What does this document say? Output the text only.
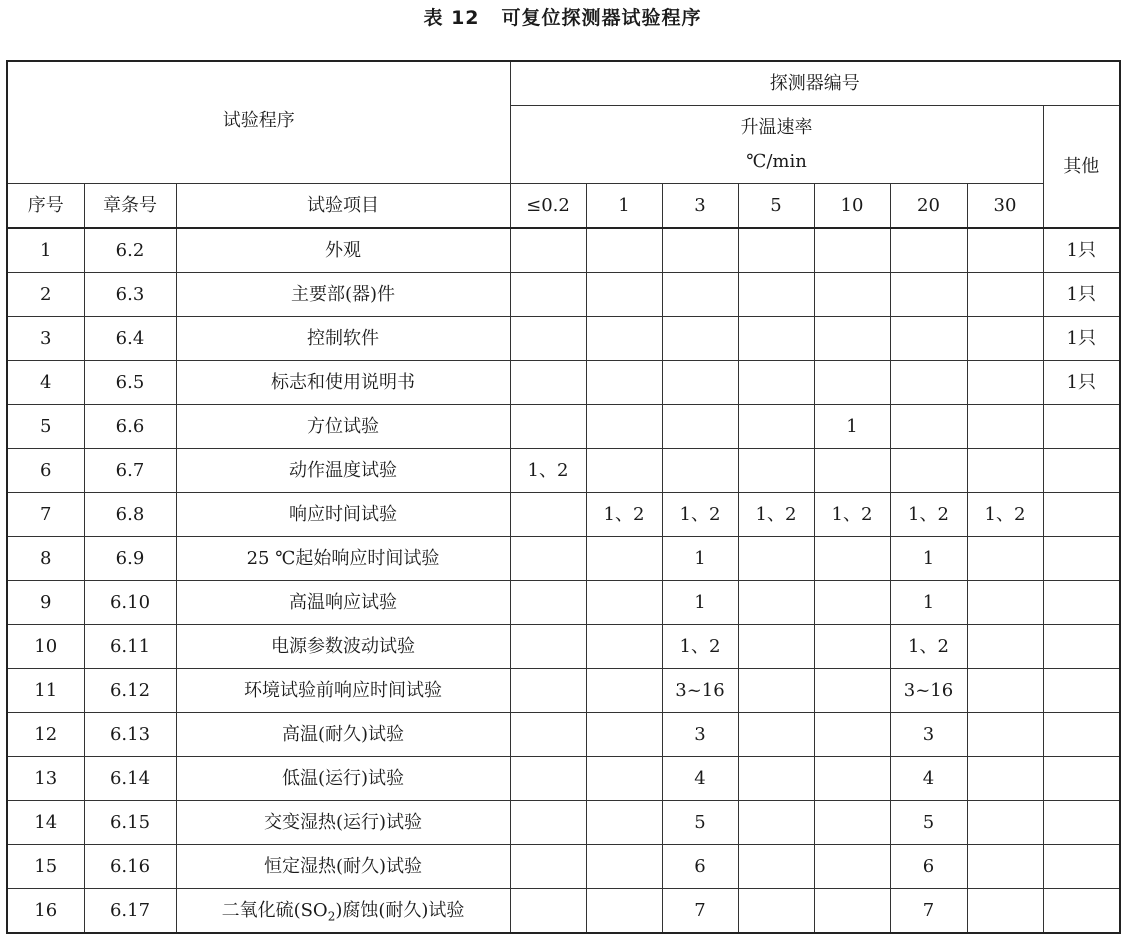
表 12 可复位探测器试验程序
试验程序			探测器编号							

			升温速率
℃/min							其他
序号	章条号	试验项目	≤0.2	1	3	5	10	20	30	
1	6.2	外观								1只
2	6.3	主要部(器)件								1只
3	6.4	控制软件								1只
4	6.5	标志和使用说明书								1只
5	6.6	方位试验					1			
6	6.7	动作温度试验	1、2							
7	6.8	响应时间试验		1、2	1、2	1、2	1、2	1、2	1、2	
8	6.9	25 ℃起始响应时间试验			1			1		
9	6.10	高温响应试验			1			1		
10	6.11	电源参数波动试验			1、2			1、2		
11	6.12	环境试验前响应时间试验			3~16			3~16		
12	6.13	高温(耐久)试验			3			3		
13	6.14	低温(运行)试验			4			4		
14	6.15	交变湿热(运行)试验			5			5		
15	6.16	恒定湿热(耐久)试验			6			6		
16	6.17	二氧化硫$(SO_2)$腐蚀(耐久)试验			7			7		
